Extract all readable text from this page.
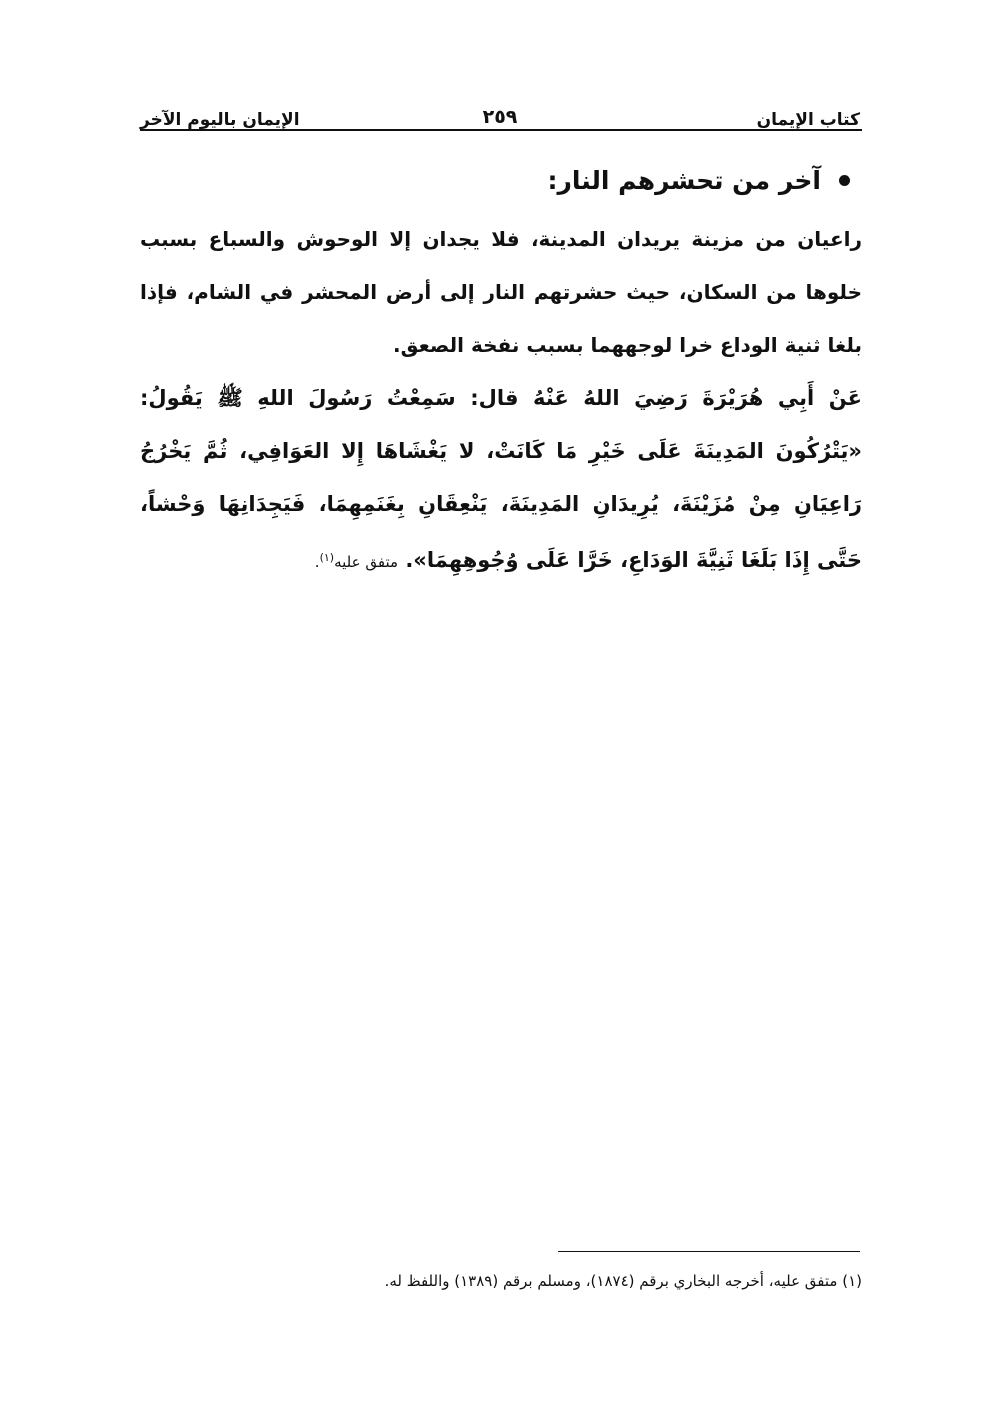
كتاب الإيمان
٢٥٩
الإيمان باليوم الآخر
آخر من تحشرهم النار:

راعيان من مزينة يريدان المدينة، فلا يجدان إلا الوحوش والسباع بسبب خلوها من السكان، حيث حشرتهم النار إلى أرض المحشر في الشام، فإذا بلغا ثنية الوداع خرا لوجههما بسبب نفخة الصعق.

عَنْ أَبِي هُرَيْرَةَ رَضِيَ اللهُ عَنْهُ قال: سَمِعْتُ رَسُولَ اللهِ ﷺ يَقُولُ: «يَتْرُكُونَ المَدِينَةَ عَلَى خَيْرِ مَا كَانَتْ، لا يَغْشَاهَا إِلا العَوَافِي، ثُمَّ يَخْرُجُ رَاعِيَانِ مِنْ مُزَيْنَةَ، يُرِيدَانِ المَدِينَةَ، يَنْعِقَانِ بِغَنَمِهِمَا، فَيَجِدَانِهَا وَحْشاً، حَتَّى إِذَا بَلَغَا ثَنِيَّةَ الوَدَاعِ، خَرَّا عَلَى وُجُوهِهِمَا». متفق عليه$^{(١)}$.

(١) متفق عليه، أخرجه البخاري برقم (١٨٧٤)، ومسلم برقم (١٣٨٩) واللفظ له.
